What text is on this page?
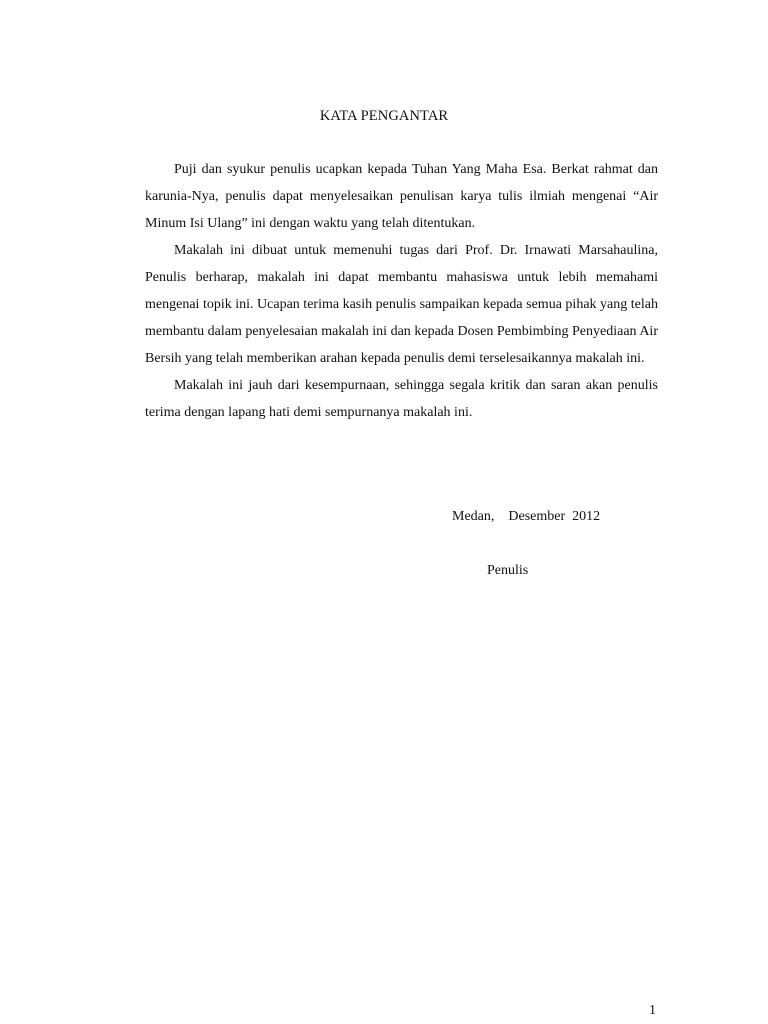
KATA PENGANTAR

Puji dan syukur penulis ucapkan kepada Tuhan Yang Maha Esa. Berkat rahmat dan karunia-Nya, penulis dapat menyelesaikan penulisan karya tulis ilmiah mengenai “Air Minum Isi Ulang” ini dengan waktu yang telah ditentukan.

Makalah ini dibuat untuk memenuhi tugas dari Prof. Dr. Irnawati Marsahaulina, Penulis berharap, makalah ini dapat membantu mahasiswa untuk lebih memahami mengenai topik ini. Ucapan terima kasih penulis sampaikan kepada semua pihak yang telah membantu dalam penyelesaian makalah ini dan kepada Dosen Pembimbing Penyediaan Air Bersih yang telah memberikan arahan kepada penulis demi terselesaikannya makalah ini.

Makalah ini jauh dari kesempurnaan, sehingga segala kritik dan saran akan penulis terima dengan lapang hati demi sempurnanya makalah ini.

Medan,    Desember  2012
Penulis
1
